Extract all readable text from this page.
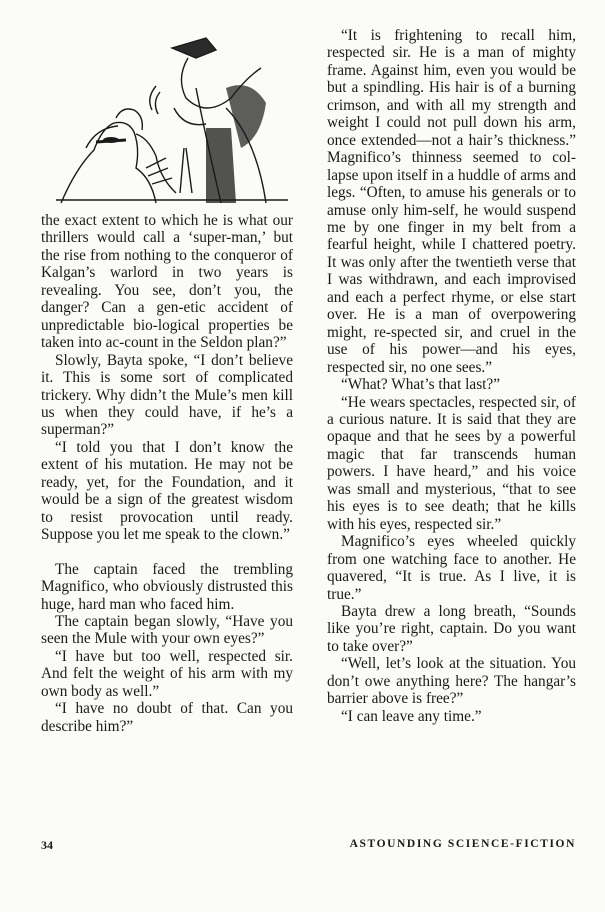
the exact extent to which he is what our thrillers would call a ‘super-man,’ but the rise from nothing to the conqueror of Kalgan’s warlord in two years is revealing. You see, don’t you, the danger? Can a gen-etic accident of unpredictable bio-logical properties be taken into ac-count in the Seldon plan?”

Slowly, Bayta spoke, “I don’t believe it. This is some sort of complicated trickery. Why didn’t the Mule’s men kill us when they could have, if he’s a superman?”

“I told you that I don’t know the extent of his mutation. He may not be ready, yet, for the Foundation, and it would be a sign of the greatest wisdom to resist provocation until ready. Suppose you let me speak to the clown.”

The captain faced the trembling Magnifico, who obviously distrusted this huge, hard man who faced him.

The captain began slowly, “Have you seen the Mule with your own eyes?”

“I have but too well, respected sir. And felt the weight of his arm with my own body as well.”

“I have no doubt of that. Can you describe him?”

“It is frightening to recall him, respected sir. He is a man of mighty frame. Against him, even you would be but a spindling. His hair is of a burning crimson, and with all my strength and weight I could not pull down his arm, once extended—not a hair’s thickness.” Magnifico’s thinness seemed to col-lapse upon itself in a huddle of arms and legs. “Often, to amuse his generals or to amuse only him-self, he would suspend me by one finger in my belt from a fearful height, while I chattered poetry. It was only after the twentieth verse that I was withdrawn, and each improvised and each a perfect rhyme, or else start over. He is a man of overpowering might, re-spected sir, and cruel in the use of his power—and his eyes, respected sir, no one sees.”

“What? What’s that last?”

“He wears spectacles, respected sir, of a curious nature. It is said that they are opaque and that he sees by a powerful magic that far transcends human powers. I have heard,” and his voice was small and mysterious, “that to see his eyes is to see death; that he kills with his eyes, respected sir.”

Magnifico’s eyes wheeled quickly from one watching face to another. He quavered, “It is true. As I live, it is true.”

Bayta drew a long breath, “Sounds like you’re right, captain. Do you want to take over?”

“Well, let’s look at the situation. You don’t owe anything here? The hangar’s barrier above is free?”

“I can leave any time.”

34	ASTOUNDING SCIENCE-FICTION
